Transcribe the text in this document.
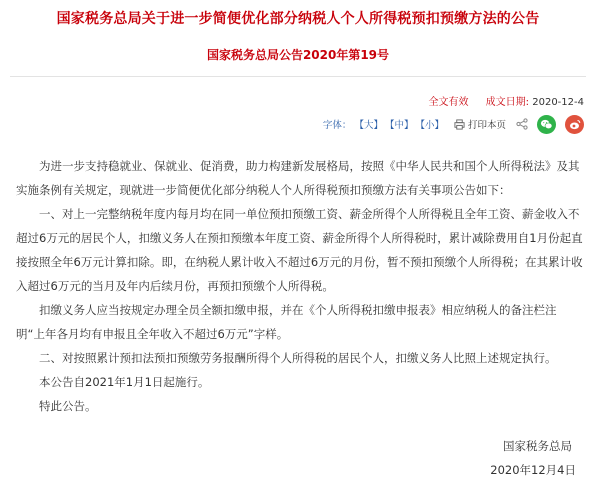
国家税务总局关于进一步简便优化部分纳税人个人所得税预扣预缴方法的公告
国家税务总局公告2020年第19号
全文有效 成文日期: 2020-12-4
字体： 【大】 【中】 【小】	打印本页

为进一步支持稳就业、保就业、促消费，助力构建新发展格局，按照《中华人民共和国个人所得税法》及其实施条例有关规定，现就进一步简便优化部分纳税人个人所得税预扣预缴方法有关事项公告如下：

一、对上一完整纳税年度内每月均在同一单位预扣预缴工资、薪金所得个人所得税且全年工资、薪金收入不超过6万元的居民个人，扣缴义务人在预扣预缴本年度工资、薪金所得个人所得税时，累计减除费用自1月份起直接按照全年6万元计算扣除。即，在纳税人累计收入不超过6万元的月份，暂不预扣预缴个人所得税；在其累计收入超过6万元的当月及年内后续月份，再预扣预缴个人所得税。

扣缴义务人应当按规定办理全员全额扣缴申报，并在《个人所得税扣缴申报表》相应纳税人的备注栏注明“上年各月均有申报且全年收入不超过6万元”字样。

二、对按照累计预扣法预扣预缴劳务报酬所得个人所得税的居民个人，扣缴义务人比照上述规定执行。

本公告自2021年1月1日起施行。

特此公告。

国家税务总局
2020年12月4日
